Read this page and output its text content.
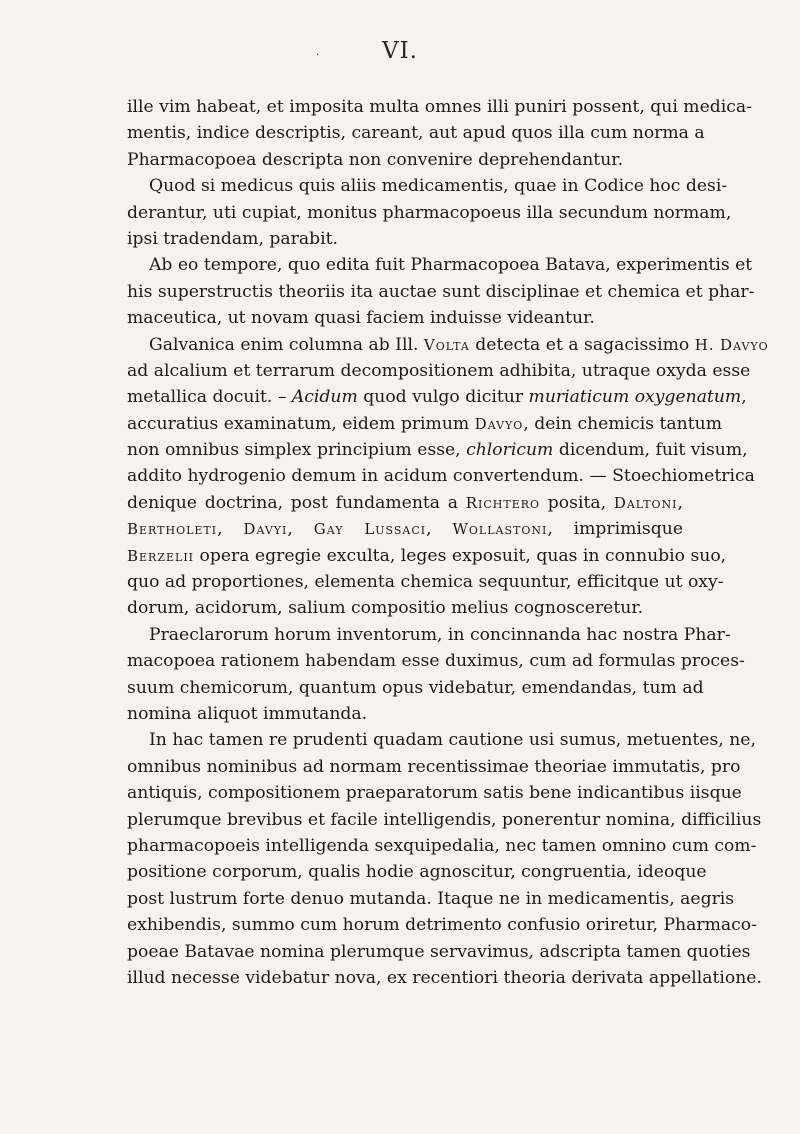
·	VI.
ille vim habeat, et imposita multa omnes illi puniri possent, qui medica-
mentis, indice descriptis, careant, aut apud quos illa cum norma a
Pharmacopoea descripta non convenire deprehendantur.
Quod si medicus quis aliis medicamentis, quae in Codice hoc desi-
derantur, uti cupiat, monitus pharmacopoeus illa secundum normam,
ipsi tradendam, parabit.
Ab eo tempore, quo edita fuit Pharmacopoea Batava, experimentis et
his superstructis theoriis ita auctae sunt disciplinae et chemica et phar-
maceutica, ut novam quasi faciem induisse videantur.
Galvanica enim columna ab Ill. Volta detecta et a sagacissimo H. Davyo
ad alcalium et terrarum decompositionem adhibita, utraque oxyda esse
metallica docuit. – Acidum quod vulgo dicitur muriaticum oxygenatum,
accuratius examinatum, eidem primum Davyo, dein chemicis tantum
non omnibus simplex principium esse, chloricum dicendum, fuit visum,
addito hydrogenio demum in acidum convertendum. — Stoechiometrica
denique doctrina, post fundamenta a Richtero posita, Daltoni,
Bertholeti, Davyi, Gay Lussaci, Wollastoni, imprimisque
Berzelii opera egregie exculta, leges exposuit, quas in connubio suo,
quo ad proportiones, elementa chemica sequuntur, efficitque ut oxy-
dorum, acidorum, salium compositio melius cognosceretur.
Praeclarorum horum inventorum, in concinnanda hac nostra Phar-
macopoea rationem habendam esse duximus, cum ad formulas proces-
suum chemicorum, quantum opus videbatur, emendandas, tum ad
nomina aliquot immutanda.
In hac tamen re prudenti quadam cautione usi sumus, metuentes, ne,
omnibus nominibus ad normam recentissimae theoriae immutatis, pro
antiquis, compositionem praeparatorum satis bene indicantibus iisque
plerumque brevibus et facile intelligendis, ponerentur nomina, difficilius
pharmacopoeis intelligenda sexquipedalia, nec tamen omnino cum com-
positione corporum, qualis hodie agnoscitur, congruentia, ideoque
post lustrum forte denuo mutanda. Itaque ne in medicamentis, aegris
exhibendis, summo cum horum detrimento confusio oriretur, Pharmaco-
poeae Batavae nomina plerumque servavimus, adscripta tamen quoties
illud necesse videbatur nova, ex recentiori theoria derivata appellatione.
